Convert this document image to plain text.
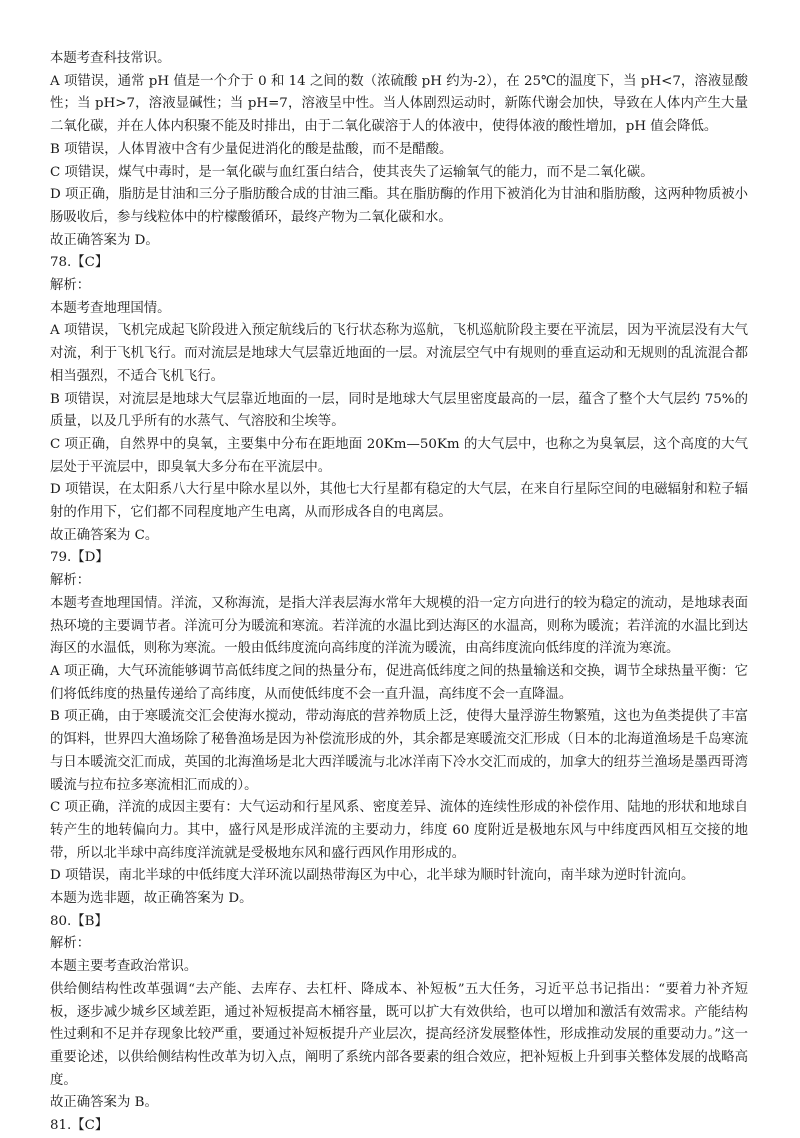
本题考查科技常识。

A 项错误，通常 pH 值是一个介于 0 和 14 之间的数（浓硫酸 pH 约为-2），在 25℃的温度下，当 pH<7，溶液显酸性；当 pH>7，溶液显碱性；当 pH=7，溶液呈中性。当人体剧烈运动时，新陈代谢会加快，导致在人体内产生大量二氧化碳，并在人体内积聚不能及时排出，由于二氧化碳溶于人的体液中，使得体液的酸性增加，pH 值会降低。

B 项错误，人体胃液中含有少量促进消化的酸是盐酸，而不是醋酸。

C 项错误，煤气中毒时，是一氧化碳与血红蛋白结合，使其丧失了运输氧气的能力，而不是二氧化碳。

D 项正确，脂肪是甘油和三分子脂肪酸合成的甘油三酯。其在脂肪酶的作用下被消化为甘油和脂肪酸，这两种物质被小肠吸收后，参与线粒体中的柠檬酸循环，最终产物为二氧化碳和水。

故正确答案为 D。

78.【C】

解析：

本题考查地理国情。

A 项错误，飞机完成起飞阶段进入预定航线后的飞行状态称为巡航，飞机巡航阶段主要在平流层，因为平流层没有大气对流，利于飞机飞行。而对流层是地球大气层靠近地面的一层。对流层空气中有规则的垂直运动和无规则的乱流混合都相当强烈，不适合飞机飞行。

B 项错误，对流层是地球大气层靠近地面的一层，同时是地球大气层里密度最高的一层，蕴含了整个大气层约 75%的质量，以及几乎所有的水蒸气、气溶胶和尘埃等。

C 项正确，自然界中的臭氧，主要集中分布在距地面 20Km—50Km 的大气层中，也称之为臭氧层，这个高度的大气层处于平流层中，即臭氧大多分布在平流层中。

D 项错误，在太阳系八大行星中除水星以外，其他七大行星都有稳定的大气层，在来自行星际空间的电磁辐射和粒子辐射的作用下，它们都不同程度地产生电离，从而形成各自的电离层。

故正确答案为 C。

79.【D】

解析：

本题考查地理国情。洋流，又称海流，是指大洋表层海水常年大规模的沿一定方向进行的较为稳定的流动，是地球表面热环境的主要调节者。洋流可分为暖流和寒流。若洋流的水温比到达海区的水温高，则称为暖流；若洋流的水温比到达海区的水温低，则称为寒流。一般由低纬度流向高纬度的洋流为暖流，由高纬度流向低纬度的洋流为寒流。

A 项正确，大气环流能够调节高低纬度之间的热量分布，促进高低纬度之间的热量输送和交换，调节全球热量平衡：它们将低纬度的热量传递给了高纬度，从而使低纬度不会一直升温，高纬度不会一直降温。

B 项正确，由于寒暖流交汇会使海水搅动，带动海底的营养物质上泛，使得大量浮游生物繁殖，这也为鱼类提供了丰富的饵料，世界四大渔场除了秘鲁渔场是因为补偿流形成的外，其余都是寒暖流交汇形成（日本的北海道渔场是千岛寒流与日本暖流交汇而成，英国的北海渔场是北大西洋暖流与北冰洋南下冷水交汇而成的，加拿大的纽芬兰渔场是墨西哥湾暖流与拉布拉多寒流相汇而成的）。

C 项正确，洋流的成因主要有：大气运动和行星风系、密度差异、流体的连续性形成的补偿作用、陆地的形状和地球自转产生的地转偏向力。其中，盛行风是形成洋流的主要动力，纬度 60 度附近是极地东风与中纬度西风相互交接的地带，所以北半球中高纬度洋流就是受极地东风和盛行西风作用形成的。

D 项错误，南北半球的中低纬度大洋环流以副热带海区为中心，北半球为顺时针流向，南半球为逆时针流向。

本题为选非题，故正确答案为 D。

80.【B】

解析：

本题主要考查政治常识。

供给侧结构性改革强调“去产能、去库存、去杠杆、降成本、补短板”五大任务，习近平总书记指出：“要着力补齐短板，逐步减少城乡区域差距，通过补短板提高木桶容量，既可以扩大有效供给，也可以增加和激活有效需求。产能结构性过剩和不足并存现象比较严重，要通过补短板提升产业层次，提高经济发展整体性，形成推动发展的重要动力。”这一重要论述，以供给侧结构性改革为切入点，阐明了系统内部各要素的组合效应，把补短板上升到事关整体发展的战略高度。

故正确答案为 B。

81.【C】
